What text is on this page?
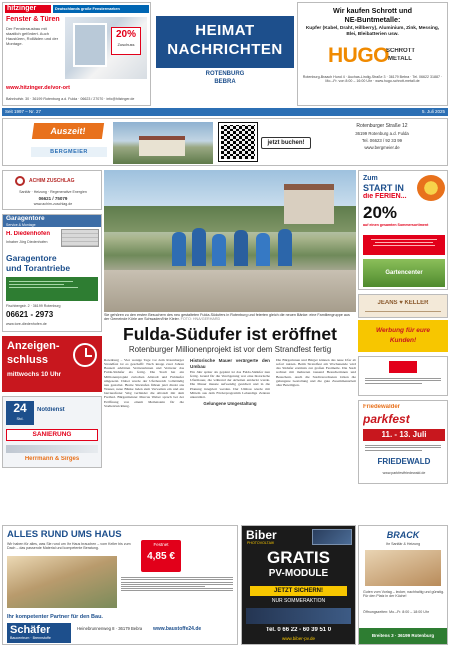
hitzinger	Deutschlands große Fenstermarken
Fenster & Türen
Der Fensterausbau mit staatlich gefördert. Auch Haustüren, Rollläden und der Montage.
20%
Zuschuss
www.hitzinger.de/vor-ort
Bahnhofstr. 30 · 36199 Rotenburg a.d. Fulda · 06623 / 27070 · info@hitzinger.de
HEIMAT
NACHRICHTEN
ROTENBURG
BEBRA
Wir kaufen Schrott und
NE-Buntmetalle:
Kupfer (Kabel, Draht, Hillberry), Aluminium, Zink, Messing, Blei, Bleibatterien usw.
HUGO
SCHROTT
METALL
Rotenburg-Braach Hund 4 · Auchas-Lindig-Straße 3 · 36179 Bebra · Tel. 06622 31887 · Mo.–Fr. von 8:00 – 16:00 Uhr · www.hugo-schrott-metall.de
Seit 1997 – Nr. 27	5. Juli 2025
Auszeit!
BERGMEIER
jetzt buchen!
Rotenburger Straße 12
36199 Rotenburg a.d. Fulda
Tel. 06623 / 92 33 99
www.bergmeier.de
ACHIM ZUSCHLAG
Sanitär · Heizung · Regenerative Energien
06621 / 75079
www.achim-zuschlag.de
Garagentore
Service & Montage
H. Diedenhofen
Inhaber Jörg Diedenhofen
Garagentore
und Torantriebe
Fischbergstr. 2 · 36199 Rotenburg
06621 - 2973
www.tore-diedenhofen.de
Anzeigen-
schluss
mittwochs 10 Uhr
24
Std.
Notdienst
SANIERUNG
Herrmann & Sirges
ALLES RUND UMS HAUS
Wir haben für alles, was Sie rund um Ihr Haus brauchen – vom Keller bis zum Dach – das passende Material und kompetente Beratung.
Festnet
4,85 €
Ihr kompetenter Partner für den Bau.
Schäfer
Baucentrum · Brennstoffe
Heinebrunnenweg 8 · 36179 Bebra www.baustoffe24.de
Sie gehören zu den ersten Besuchern des neu gestalteten Fulda-Südufers in Rotenburg und feierten gleich die neuen Bänke: eine Familiengruppe aus der Gemeinde Körle am Schwaden/Ihle Kleier. FOTO: HNA/GERHARD
Fulda-Südufer ist eröffnet
Rotenburger Millionenprojekt ist vor dem Strandfest fertig
Rotenburg – Vier wenige Tage vor dem Rotenburger Strandfest ist es geschafft: Nach knapp zwei Jahren Bauzeit erklärten Vertreterinnen und Vertreter das Fulda-Südufer als fertig. Die Stadt hat ein Millionenprojekt zwischen Altstadt und Fuldaufer umgesetzt. Dabei wurde der Uferbereich vollständig neu gestaltet. Breite Sitzstufen führen jetzt direkt ans Wasser, neue Bänke laden zum Verweilen ein und ein barrierefreier Weg verbindet die Altstadt mit dem Freibad. Bürgermeister Marcus Weber sprach bei der Eröffnung von einem Meilenstein für die Stadtentwicklung.
Historische Mauer verärgerte den Umbau
Ein Jahr später als geplant ist das Fulda-Südufer nun fertig. Grund für die Verzögerung war eine historische Ufermauer, die während der Arbeiten entdeckt wurde. Die Mauer musste aufwendig gesichert und in die Planung integriert werden. Der Umbau wurde mit Mitteln aus dem Förderprogramm Lebendige Zentren unterstützt.
Gelungene Umgestaltung
Die Bürgerinnen und Bürger können das neue Ufer ab sofort nutzen. Beim Strandfest am Wochenende wird das Südufer erstmals zur großen Festmeile. Die Stadt rechnet mit mehreren tausend Besucherinnen und Besuchern. Auch die Stadtverordneten lobten die gelungene Gestaltung und die gute Zusammenarbeit aller Beteiligten.
Zum
START IN
die FERIEN...
20%
auf einen gesamten Sommersortiment
Gartencenter
JEANS ♥ KELLER
Werbung für eure
Kunden!
Friedewalder
parkfest
11. - 13. Juli
FRIEDEWALD
www.parkfestfriedewald.de
BRACK
Ihr Sanitär & Heizung
Guten vom Vorlag – lecker, nachhaltig und günstig. Für den Platz in der Küche!
Öffnungszeiten: Mo.–Fr. 8:00 – 18:00 Uhr
Breitens 3 · 36199 Rotenburg
Biber
PHOTOVOLTAIK
GRATIS
PV-MODULE
JETZT SICHERN!
NUR SOMMERAKTION
Tel. 0 66 22 - 60 39 51 0
www.biber-pv.de
